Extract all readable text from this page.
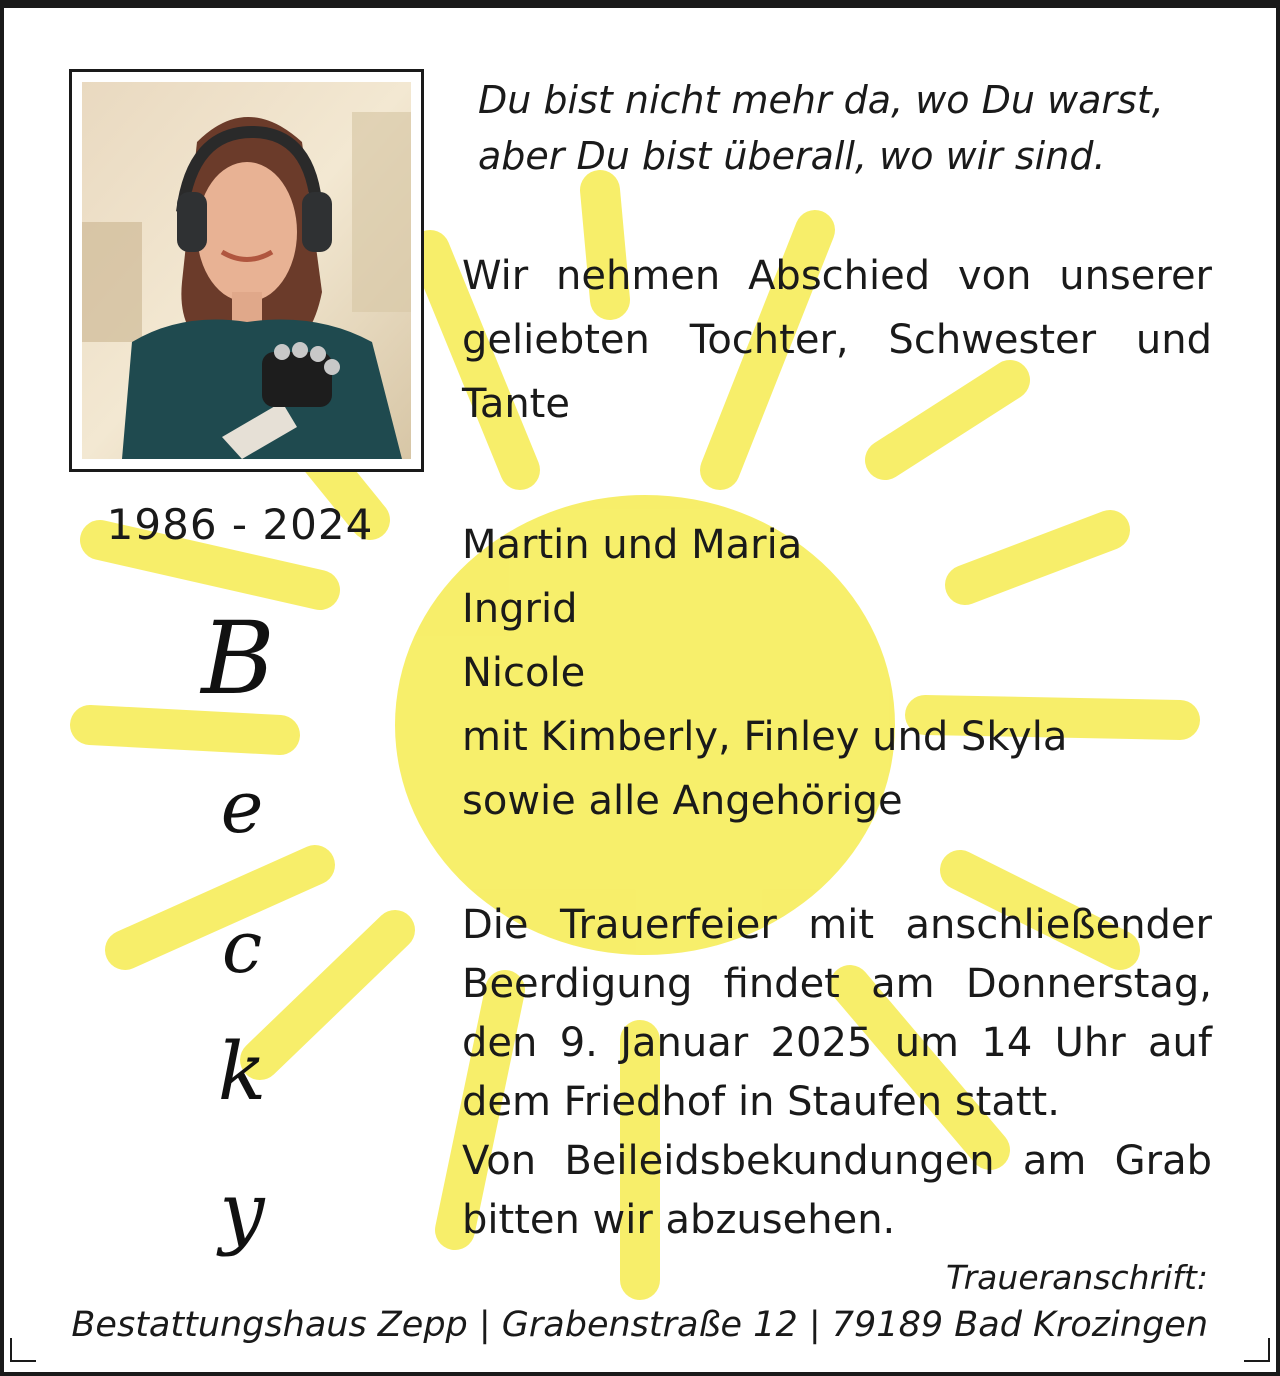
1986 - 2024
B
e
c
k
y
Du bist nicht mehr da, wo Du warst,
aber Du bist überall, wo wir sind.
Wir nehmen Abschied von unserer
geliebten Tochter, Schwester und
Tante
Martin und Maria
Ingrid
Nicole
mit Kimberly, Finley und Skyla
sowie alle Angehörige
Die Trauerfeier mit anschließender
Beerdigung findet am Donnerstag,
den 9. Januar 2025 um 14 Uhr auf
dem Friedhof in Staufen statt.
Von Beileidsbekundungen am Grab
bitten wir abzusehen.
Traueranschrift:
Bestattungshaus Zepp | Grabenstraße 12 | 79189 Bad Krozingen
